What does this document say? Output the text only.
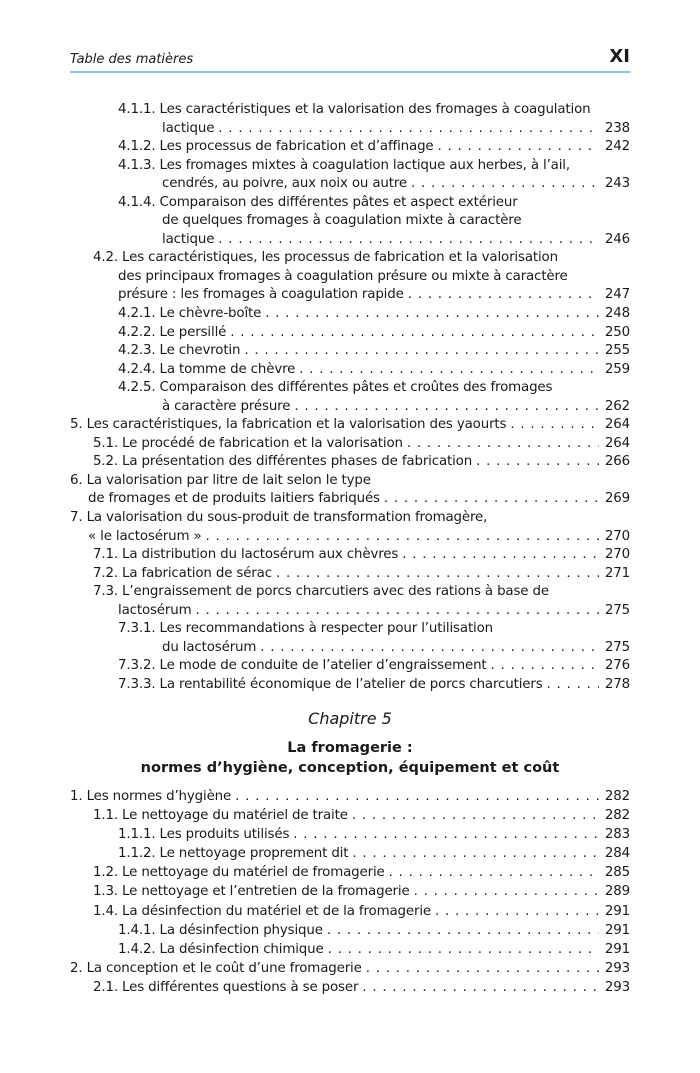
Table des matières	XI
4.1.1. Les caractéristiques et la valorisation des fromages à coagulation
lactique . . .	238
4.1.2. Les processus de fabrication et d’affinage . . .	242
4.1.3. Les fromages mixtes à coagulation lactique aux herbes, à l’ail,
cendrés, au poivre, aux noix ou autre . . .	243
4.1.4. Comparaison des différentes pâtes et aspect extérieur
de quelques fromages à coagulation mixte à caractère
lactique . . .	246
4.2. Les caractéristiques, les processus de fabrication et la valorisation
des principaux fromages à coagulation présure ou mixte à caractère
présure : les fromages à coagulation rapide . . .	247
4.2.1. Le chèvre-boîte . . .	248
4.2.2. Le persillé . . .	250
4.2.3. Le chevrotin . . .	255
4.2.4. La tomme de chèvre . . .	259
4.2.5. Comparaison des différentes pâtes et croûtes des fromages
à caractère présure . . .	262
5. Les caractéristiques, la fabrication et la valorisation des yaourts . . .	264
5.1. Le procédé de fabrication et la valorisation . . .	264
5.2. La présentation des différentes phases de fabrication . . .	266
6. La valorisation par litre de lait selon le type
de fromages et de produits laitiers fabriqués . . .	269
7. La valorisation du sous-produit de transformation fromagère,
« le lactosérum » . . .	270
7.1. La distribution du lactosérum aux chèvres . . .	270
7.2. La fabrication de sérac . . .	271
7.3. L’engraissement de porcs charcutiers avec des rations à base de
lactosérum . . .	275
7.3.1. Les recommandations à respecter pour l’utilisation
du lactosérum . . .	275
7.3.2. Le mode de conduite de l’atelier d’engraissement . . .	276
7.3.3. La rentabilité économique de l’atelier de porcs charcutiers . . .	278
Chapitre 5
La fromagerie :
normes d’hygiène, conception, équipement et coût
1. Les normes d’hygiène . . .	282
1.1. Le nettoyage du matériel de traite . . .	282
1.1.1. Les produits utilisés . . .	283
1.1.2. Le nettoyage proprement dit . . .	284
1.2. Le nettoyage du matériel de fromagerie . . .	285
1.3. Le nettoyage et l’entretien de la fromagerie . . .	289
1.4. La désinfection du matériel et de la fromagerie . . .	291
1.4.1. La désinfection physique . . .	291
1.4.2. La désinfection chimique . . .	291
2. La conception et le coût d’une fromagerie . . .	293
2.1. Les différentes questions à se poser . . .	293
